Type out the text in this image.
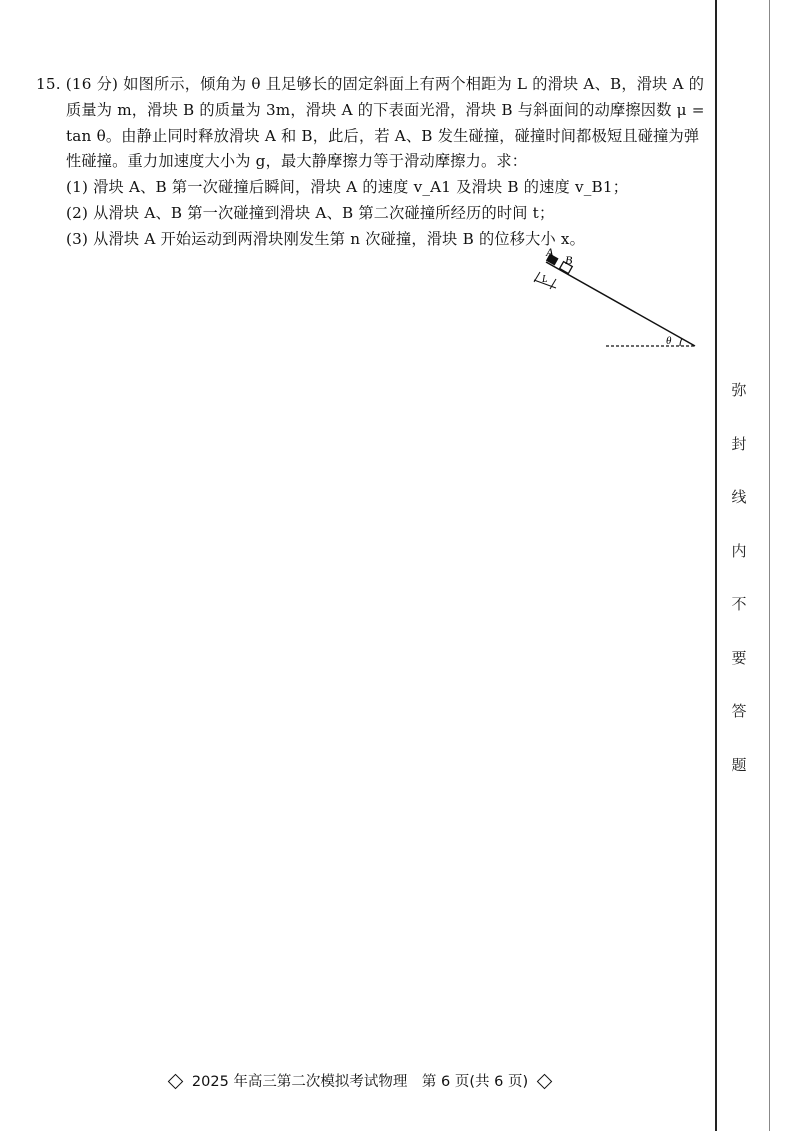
15. (16 分) 如图所示，倾角为 θ 且足够长的固定斜面上有两个相距为 L 的滑块 A、B，滑块 A 的

质量为 m，滑块 B 的质量为 3m，滑块 A 的下表面光滑，滑块 B 与斜面间的动摩擦因数 μ =

tan θ。由静止同时释放滑块 A 和 B，此后，若 A、B 发生碰撞，碰撞时间都极短且碰撞为弹

性碰撞。重力加速度大小为 g，最大静摩擦力等于滑动摩擦力。求：

(1) 滑块 A、B 第一次碰撞后瞬间，滑块 A 的速度 v_A1 及滑块 B 的速度 v_B1；

(2) 从滑块 A、B 第一次碰撞到滑块 A、B 第二次碰撞所经历的时间 t；

(3) 从滑块 A 开始运动到两滑块刚发生第 n 次碰撞，滑块 B 的位移大小 x。

θ
A
B
L
弥
封
线
内
不
要
答
题
2025 年高三第二次模拟考试物理　第 6 页(共 6 页)
